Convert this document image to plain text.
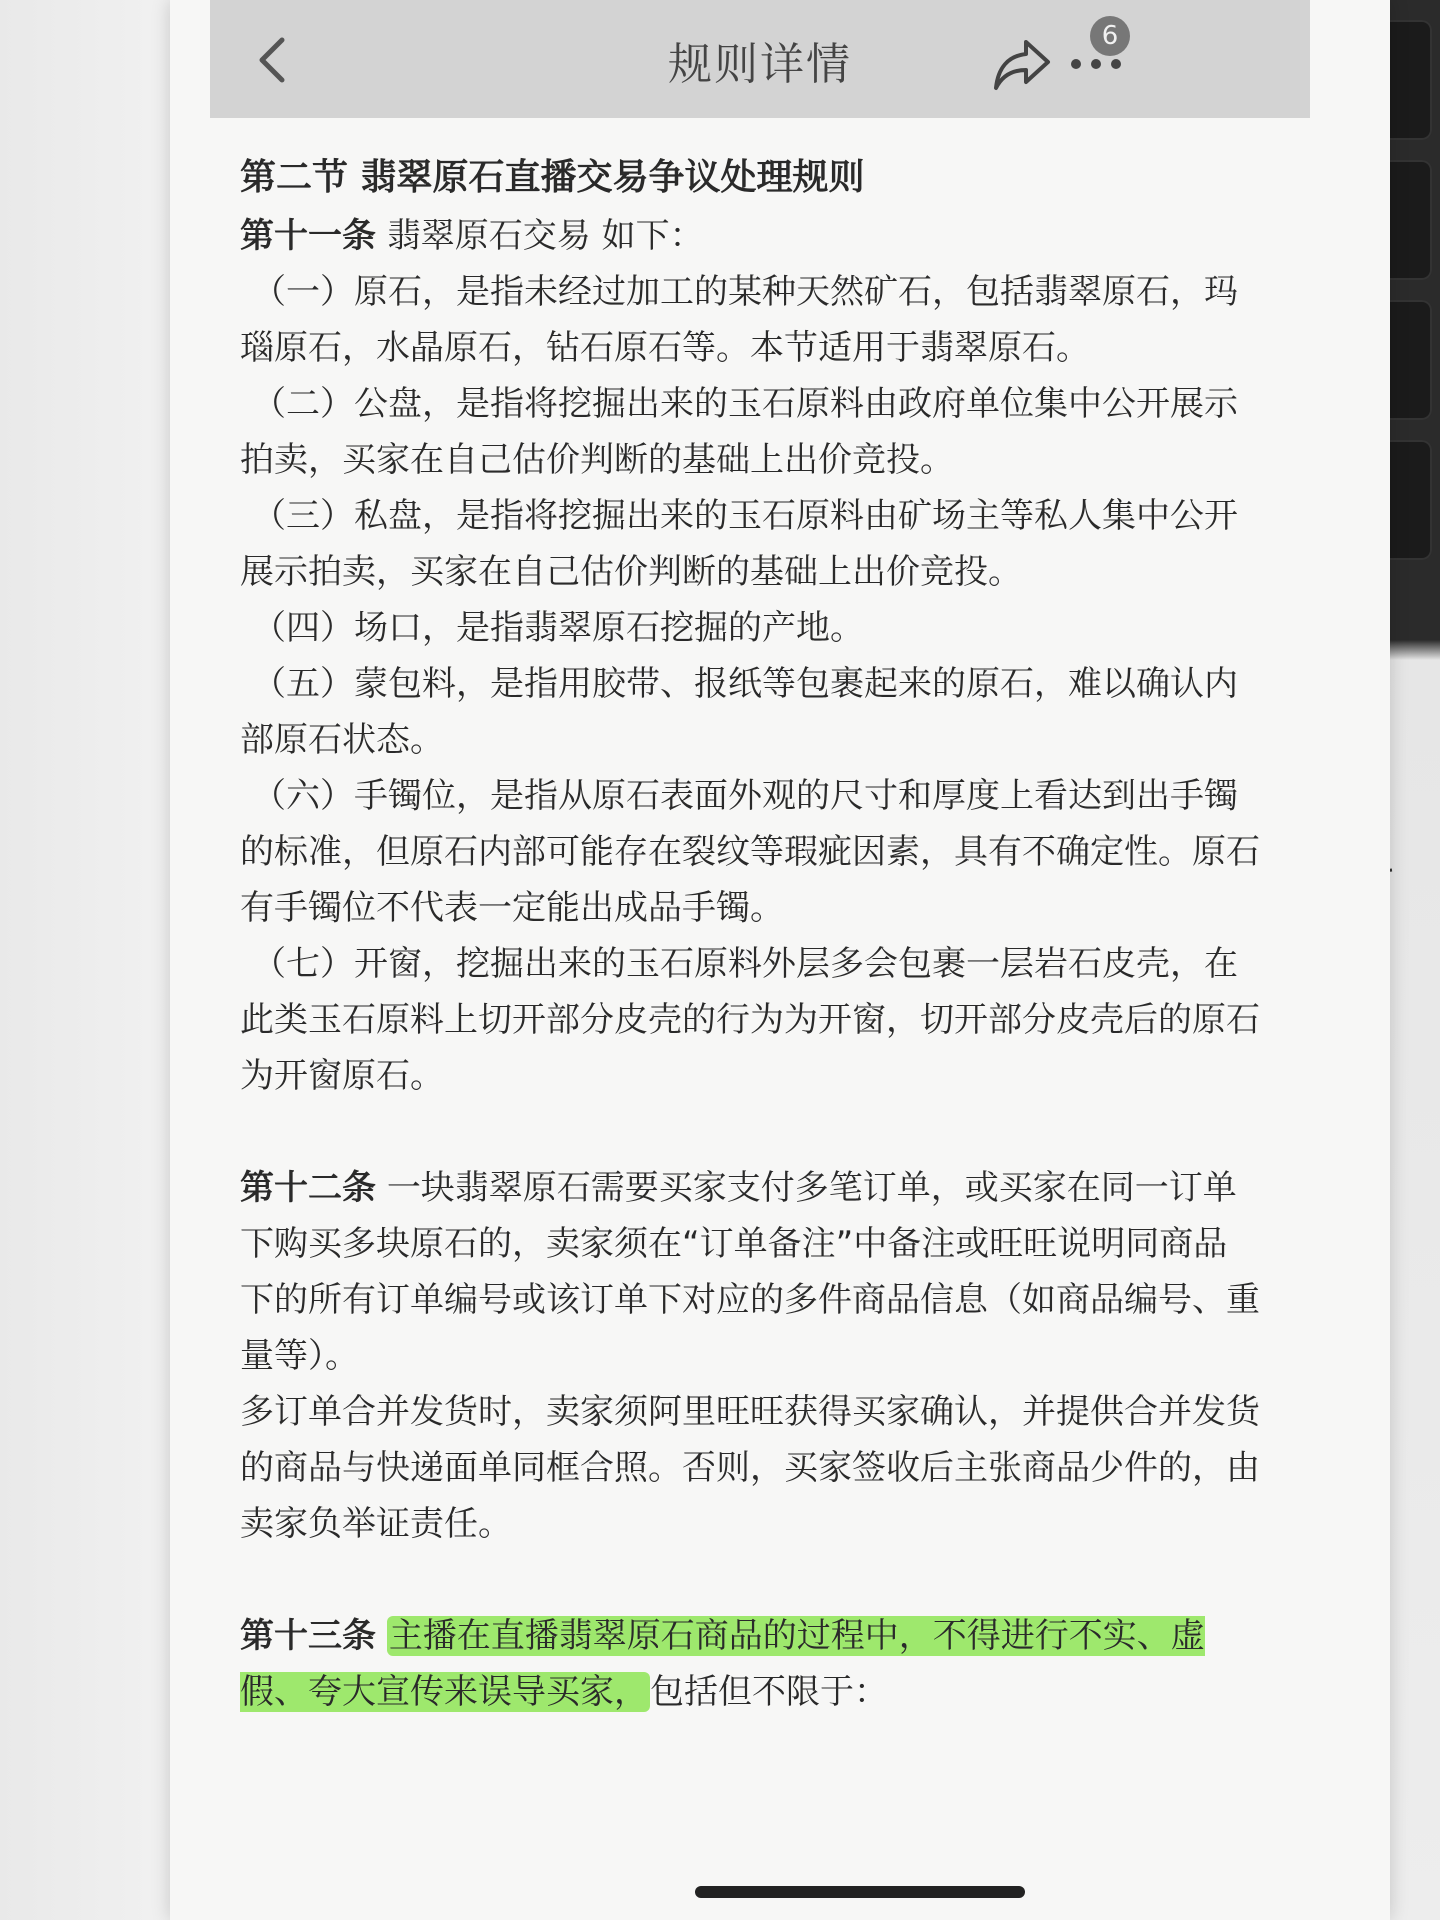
规则详情
6
第二节 翡翠原石直播交易争议处理规则
第十一条 翡翠原石交易 如下：

（一）原石，是指未经过加工的某种天然矿石，包括翡翠原石，玛瑙原石，水晶原石，钻石原石等。本节适用于翡翠原石。

（二）公盘，是指将挖掘出来的玉石原料由政府单位集中公开展示拍卖，买家在自己估价判断的基础上出价竞投。

（三）私盘，是指将挖掘出来的玉石原料由矿场主等私人集中公开展示拍卖，买家在自己估价判断的基础上出价竞投。

（四）场口，是指翡翠原石挖掘的产地。

（五）蒙包料，是指用胶带、报纸等包裹起来的原石，难以确认内部原石状态。

（六）手镯位，是指从原石表面外观的尺寸和厚度上看达到出手镯的标准，但原石内部可能存在裂纹等瑕疵因素，具有不确定性。原石有手镯位不代表一定能出成品手镯。

（七）开窗，挖掘出来的玉石原料外层多会包裹一层岩石皮壳，在此类玉石原料上切开部分皮壳的行为为开窗，切开部分皮壳后的原石为开窗原石。

第十二条 一块翡翠原石需要买家支付多笔订单，或买家在同一订单下购买多块原石的，卖家须在“订单备注”中备注或旺旺说明同商品下的所有订单编号或该订单下对应的多件商品信息（如商品编号、重量等）。

多订单合并发货时，卖家须阿里旺旺获得买家确认，并提供合并发货的商品与快递面单同框合照。否则，买家签收后主张商品少件的，由卖家负举证责任。

第十三条 主播在直播翡翠原石商品的过程中，不得进行不实、虚假、夸大宣传来误导买家，包括但不限于：
